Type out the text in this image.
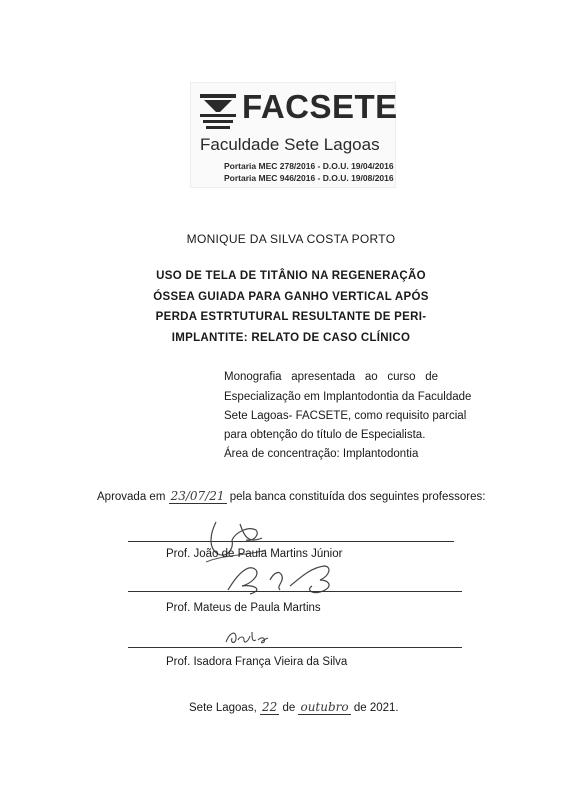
FACSETE
Faculdade Sete Lagoas
Portaria MEC 278/2016 - D.O.U. 19/04/2016
Portaria MEC 946/2016 - D.O.U. 19/08/2016
MONIQUE DA SILVA COSTA PORTO
USO DE TELA DE TITÂNIO NA REGENERAÇÃO
ÓSSEA GUIADA PARA GANHO VERTICAL APÓS
PERDA ESTRTUTURAL RESULTANTE DE PERI-
IMPLANTITE: RELATO DE CASO CLÍNICO
Monografia apresentada ao curso de
Especialização em Implantodontia da Faculdade
Sete Lagoas- FACSETE, como requisito parcial
para obtenção do título de Especialista.
Área de concentração: Implantodontia
Aprovada em 23/07/21 pela banca constituída dos seguintes professores:
Prof. João de Paula Martins Júnior
Prof. Mateus de Paula Martins
Prof. Isadora França Vieira da Silva
Sete Lagoas, 22 de outubro de 2021.
